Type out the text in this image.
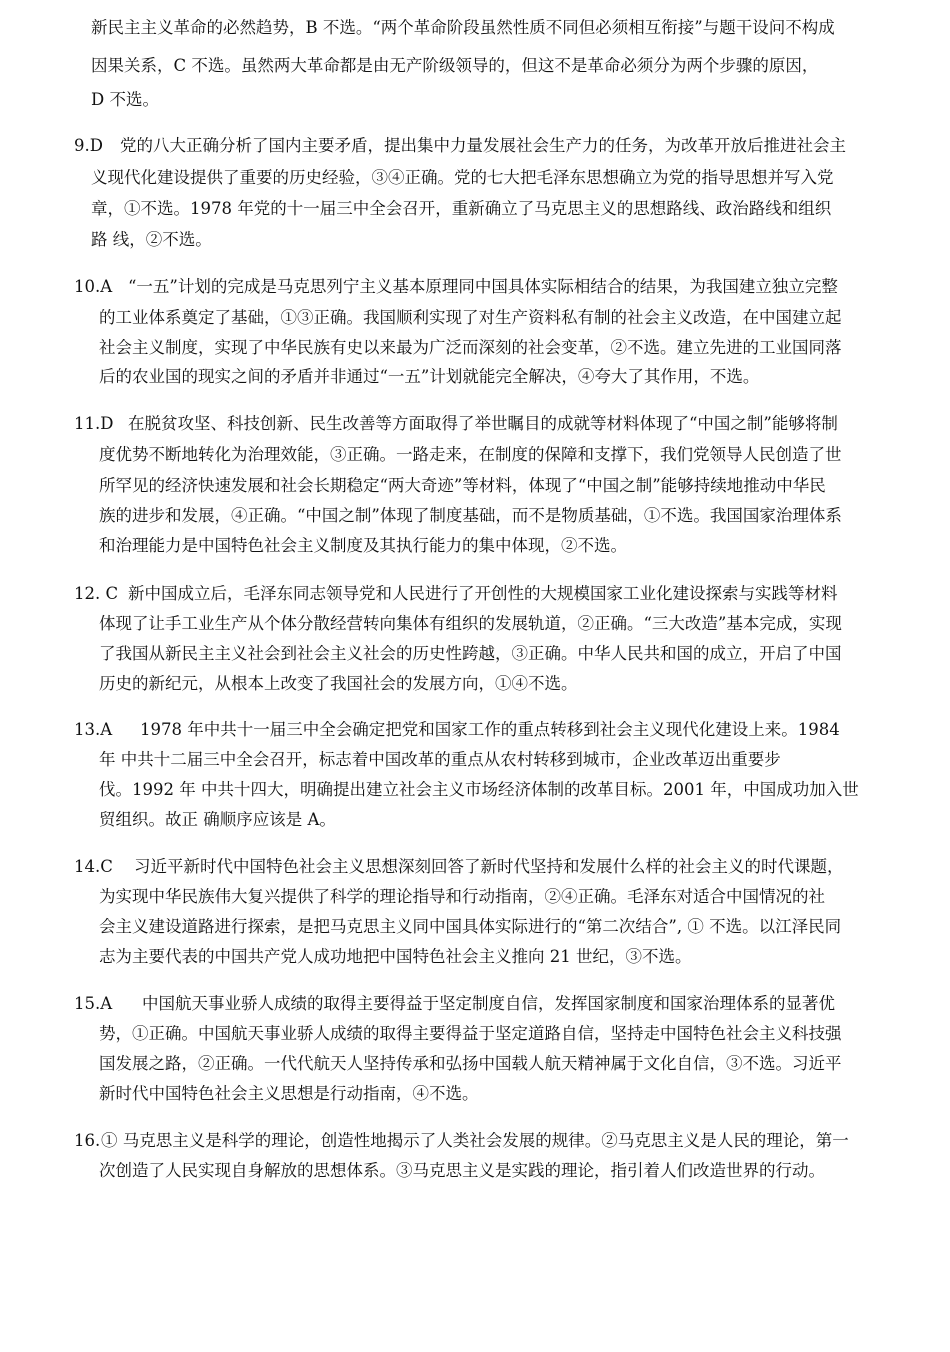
新民主主义革命的必然趋势，B 不选。“两个革命阶段虽然性质不同但必须相互衔接”与题干设问不构成
因果关系，C 不选。虽然两大革命都是由无产阶级领导的，但这不是革命必须分为两个步骤的原因，
D 不选。
9.D 党的八大正确分析了国内主要矛盾，提出集中力量发展社会生产力的任务，为改革开放后推进社会主
义现代化建设提供了重要的历史经验，③④正确。党的七大把毛泽东思想确立为党的指导思想并写入党
章，①不选。1978 年党的十一届三中全会召开，重新确立了马克思主义的思想路线、政治路线和组织
路 线，②不选。
10.A “一五”计划的完成是马克思列宁主义基本原理同中国具体实际相结合的结果，为我国建立独立完整
的工业体系奠定了基础，①③正确。我国顺利实现了对生产资料私有制的社会主义改造，在中国建立起
社会主义制度，实现了中华民族有史以来最为广泛而深刻的社会变革，②不选。建立先进的工业国同落
后的农业国的现实之间的矛盾并非通过“一五”计划就能完全解决，④夸大了其作用，不选。
11.D 在脱贫攻坚、科技创新、民生改善等方面取得了举世瞩目的成就等材料体现了“中国之制”能够将制
度优势不断地转化为治理效能，③正确。一路走来，在制度的保障和支撑下，我们党领导人民创造了世
所罕见的经济快速发展和社会长期稳定“两大奇迹”等材料，体现了“中国之制”能够持续地推动中华民
族的进步和发展，④正确。“中国之制”体现了制度基础，而不是物质基础，①不选。我国国家治理体系
和治理能力是中国特色社会主义制度及其执行能力的集中体现，②不选。
12. C 新中国成立后，毛泽东同志领导党和人民进行了开创性的大规模国家工业化建设探索与实践等材料
体现了让手工业生产从个体分散经营转向集体有组织的发展轨道，②正确。“三大改造”基本完成，实现
了我国从新民主主义社会到社会主义社会的历史性跨越，③正确。中华人民共和国的成立，开启了中国
历史的新纪元，从根本上改变了我国社会的发展方向，①④不选。
13.A 1978 年中共十一届三中全会确定把党和国家工作的重点转移到社会主义现代化建设上来。1984
年 中共十二届三中全会召开，标志着中国改革的重点从农村转移到城市，企业改革迈出重要步
伐。1992 年 中共十四大，明确提出建立社会主义市场经济体制的改革目标。2001 年，中国成功加入世
贸组织。故正 确顺序应该是 A。
14.C 习近平新时代中国特色社会主义思想深刻回答了新时代坚持和发展什么样的社会主义的时代课题，
为实现中华民族伟大复兴提供了科学的理论指导和行动指南，②④正确。毛泽东对适合中国情况的社
会主义建设道路进行探索，是把马克思主义同中国具体实际进行的“第二次结合”, ① 不选。以江泽民同
志为主要代表的中国共产党人成功地把中国特色社会主义推向 21 世纪，③不选。
15.A 中国航天事业骄人成绩的取得主要得益于坚定制度自信，发挥国家制度和国家治理体系的显著优
势，①正确。中国航天事业骄人成绩的取得主要得益于坚定道路自信，坚持走中国特色社会主义科技强
国发展之路，②正确。一代代航天人坚持传承和弘扬中国载人航天精神属于文化自信，③不选。习近平
新时代中国特色社会主义思想是行动指南，④不选。
16. ① 马克思主义是科学的理论，创造性地揭示了人类社会发展的规律。②马克思主义是人民的理论，第一
次创造了人民实现自身解放的思想体系。③马克思主义是实践的理论，指引着人们改造世界的行动。
